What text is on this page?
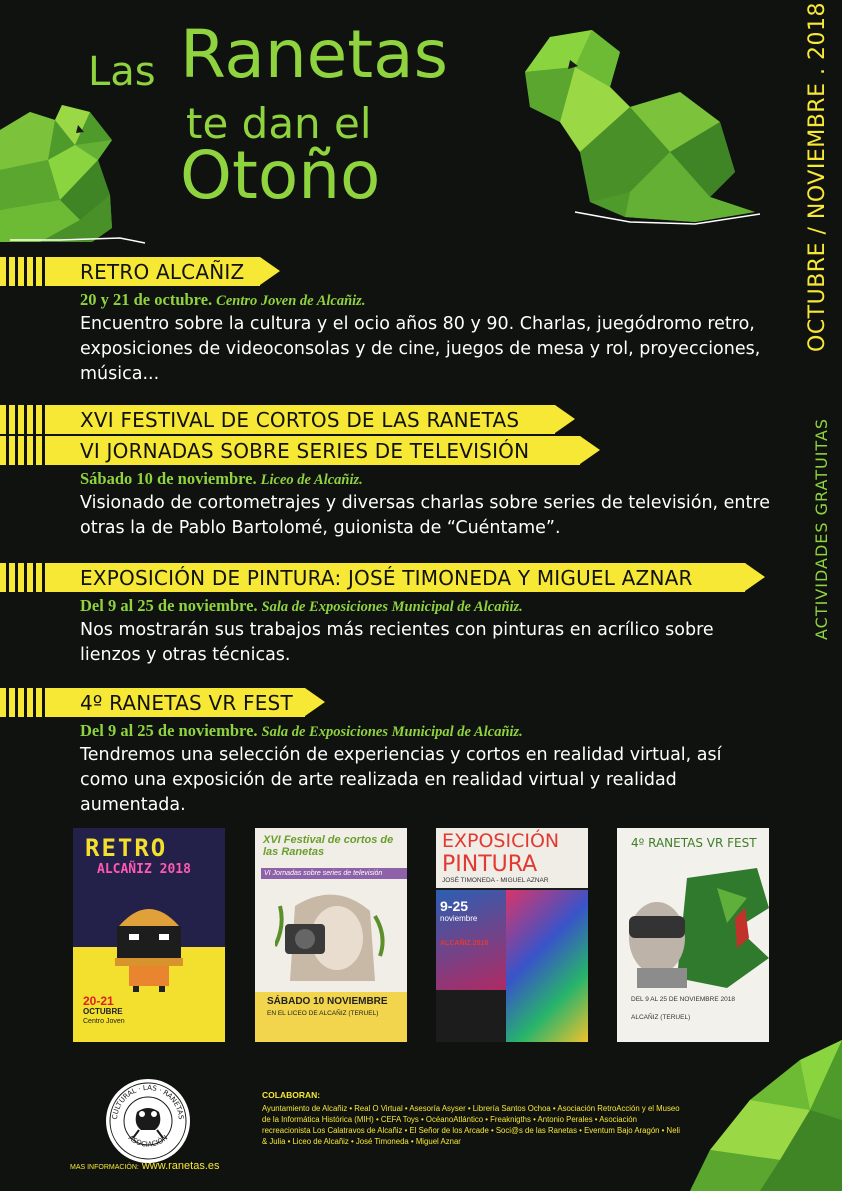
Las Ranetas
te dan el
Otoño	OCTUBRE / NOVIEMBRE . 2018
ACTIVIDADES GRATUITAS
RETRO ALCAÑIZ
20 y 21 de octubre. Centro Joven de Alcañiz.
Encuentro sobre la cultura y el ocio años 80 y 90. Charlas, juegódromo retro, exposiciones de videoconsolas y de cine, juegos de mesa y rol, proyecciones, música...
XVI FESTIVAL DE CORTOS DE LAS RANETAS
VI JORNADAS SOBRE SERIES DE TELEVISIÓN
Sábado 10 de noviembre. Liceo de Alcañiz.
Visionado de cortometrajes y diversas charlas sobre series de televisión, entre otras la de Pablo Bartolomé, guionista de “Cuéntame”.
EXPOSICIÓN DE PINTURA: JOSÉ TIMONEDA Y MIGUEL AZNAR
Del 9 al 25 de noviembre. Sala de Exposiciones Municipal de Alcañiz.
Nos mostrarán sus trabajos más recientes con pinturas en acrílico sobre lienzos y otras técnicas.
4º RANETAS VR FEST
Del 9 al 25 de noviembre. Sala de Exposiciones Municipal de Alcañiz.
Tendremos una selección de experiencias y cortos en realidad virtual, así como una exposición de arte realizada en realidad virtual y realidad aumentada.
RETRO
ALCAÑIZ 2018
20-21
OCTUBRE
Centro Joven
XVI Festival de cortos de las Ranetas
VI Jornadas sobre series de televisión
SÁBADO 10 NOVIEMBRE
EN EL LICEO DE ALCAÑIZ (TERUEL)
EXPOSICIÓN
PINTURA
JOSÉ TIMONEDA - MIGUEL AZNAR
9-25
noviembre
ALCAÑIZ 2018
4º RANETAS VR FEST
DEL 9 AL 25 DE NOVIEMBRE 2018
ALCAÑIZ (TERUEL)
CULTURAL · LAS · RANETAS
ASOCIACIÓN
COLABORAN:
Ayuntamiento de Alcañiz • Real O Virtual • Asesoría Asyser • Librería Santos Ochoa • Asociación RetroAcción y el Museo de la Informática Histórica (MIH) • CEFA Toys • OcéanoAtlántico • Freaknigths • Antonio Perales • Asociación recreacionista Los Calatravos de Alcañiz • El Señor de los Arcade • Soci@s de las Ranetas • Eventum Bajo Aragón • Neli & Julia • Liceo de Alcañiz • José Timoneda • Miguel Aznar
MAS INFORMACIÓN: www.ranetas.es
